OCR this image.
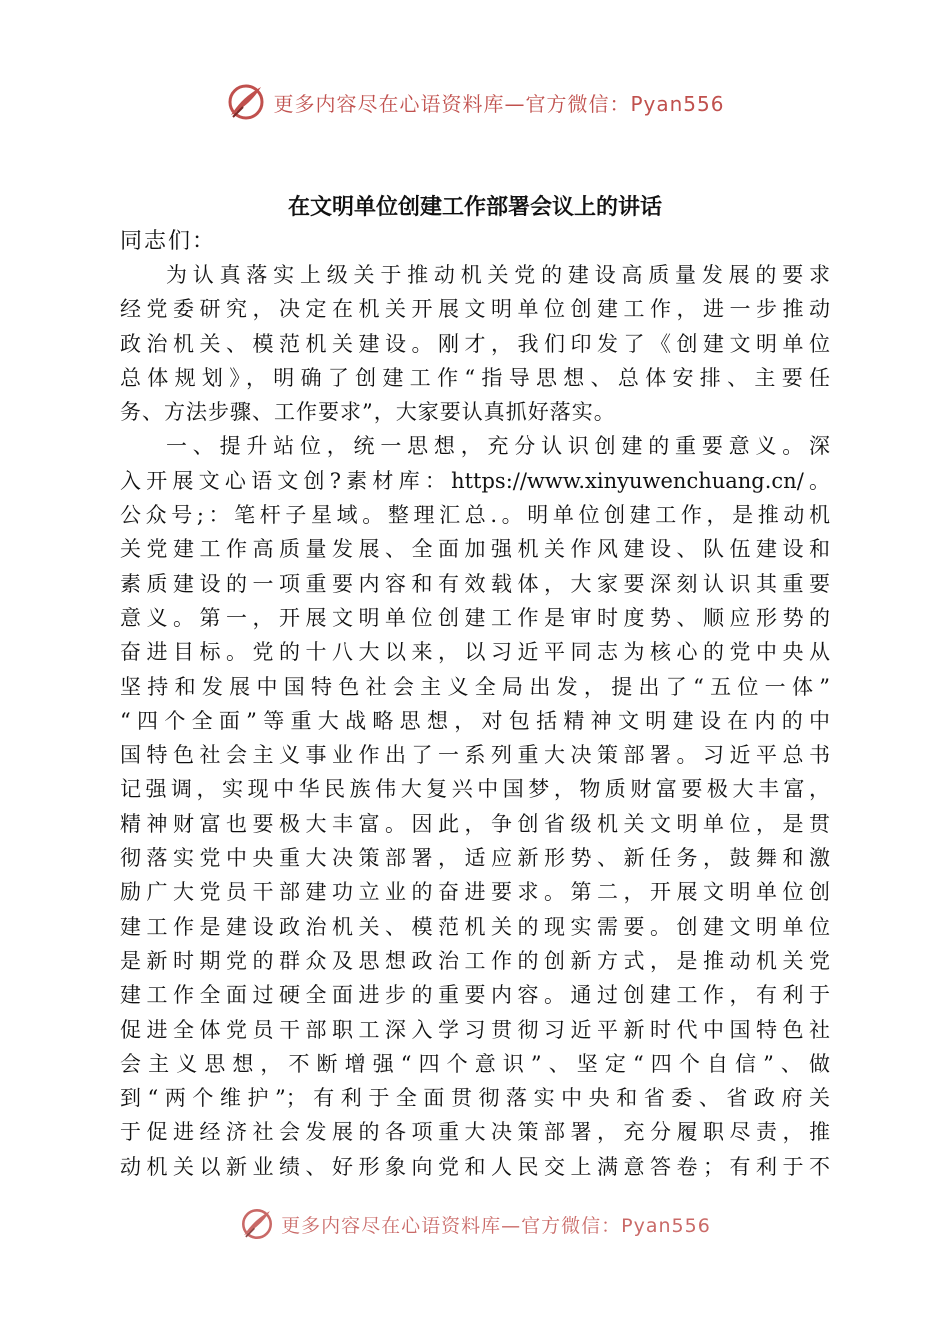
更多内容尽在心语资料库—官方微信：Pyan556
在文明单位创建工作部署会议上的讲话

同志们：

为认真落实上级关于推动机关党的建设高质量发展的要求
经党委研究，决定在机关开展文明单位创建工作，进一步推动
政治机关、模范机关建设。刚才，我们印发了《创建文明单位
总体规划》，明确了创建工作“指导思想、总体安排、主要任
务、方法步骤、工作要求”，大家要认真抓好落实。
一、提升站位，统一思想，充分认识创建的重要意义。深
入开展文心语文创?素材库：https://www.xinyuwenchuang.cn/。
公众号;：笔杆子星域。整理汇总.。明单位创建工作，是推动机
关党建工作高质量发展、全面加强机关作风建设、队伍建设和
素质建设的一项重要内容和有效载体，大家要深刻认识其重要
意义。第一，开展文明单位创建工作是审时度势、顺应形势的
奋进目标。党的十八大以来，以习近平同志为核心的党中央从
坚持和发展中国特色社会主义全局出发，提出了“五位一体”
“四个全面”等重大战略思想，对包括精神文明建设在内的中
国特色社会主义事业作出了一系列重大决策部署。习近平总书
记强调，实现中华民族伟大复兴中国梦，物质财富要极大丰富，
精神财富也要极大丰富。因此，争创省级机关文明单位，是贯
彻落实党中央重大决策部署，适应新形势、新任务，鼓舞和激
励广大党员干部建功立业的奋进要求。第二，开展文明单位创
建工作是建设政治机关、模范机关的现实需要。创建文明单位
是新时期党的群众及思想政治工作的创新方式，是推动机关党
建工作全面过硬全面进步的重要内容。通过创建工作，有利于
促进全体党员干部职工深入学习贯彻习近平新时代中国特色社
会主义思想，不断增强“四个意识”、坚定“四个自信”、做
到“两个维护”；有利于全面贯彻落实中央和省委、省政府关
于促进经济社会发展的各项重大决策部署，充分履职尽责，推
动机关以新业绩、好形象向党和人民交上满意答卷；有利于不
更多内容尽在心语资料库—官方微信：Pyan556
